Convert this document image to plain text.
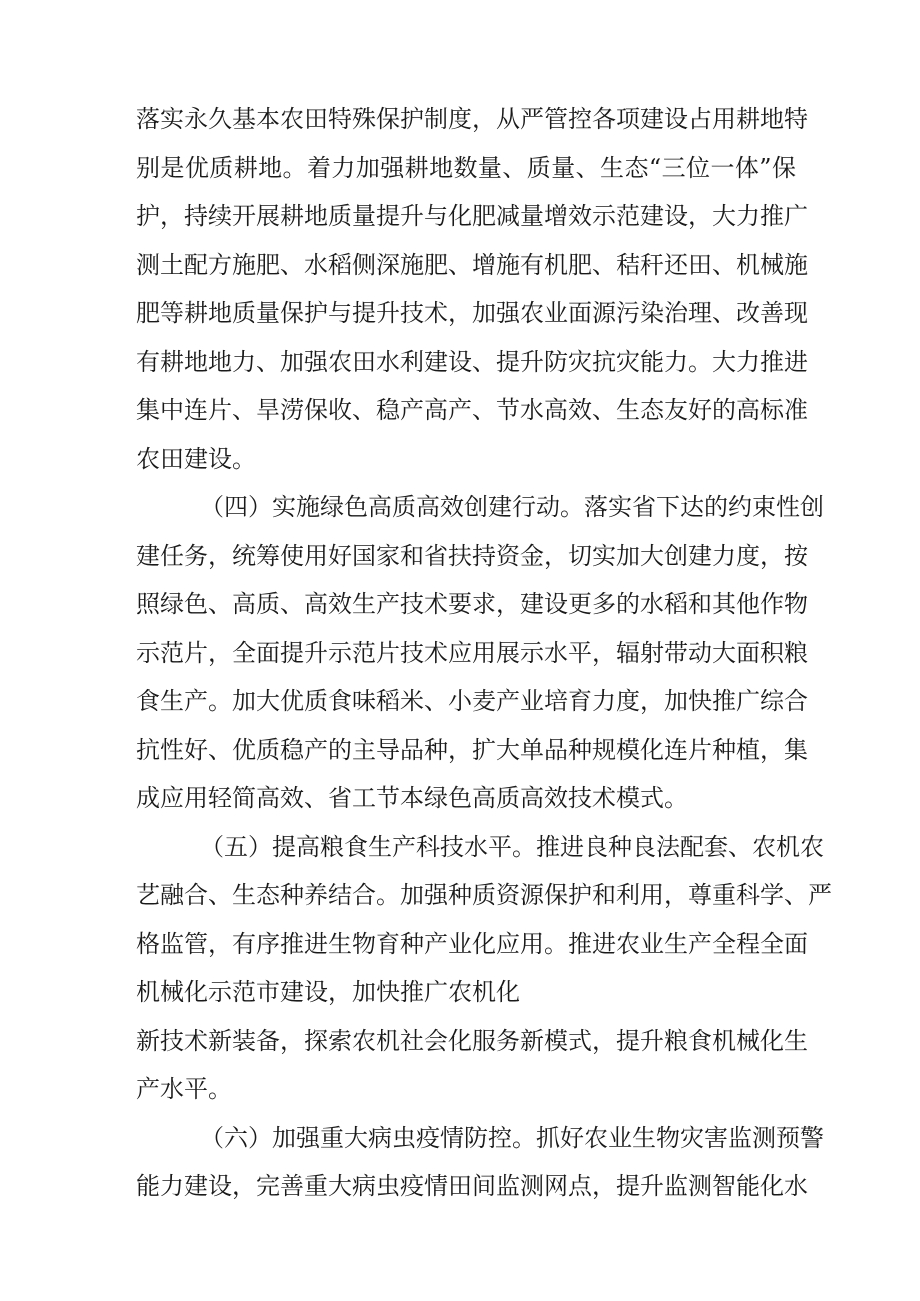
落实永久基本农田特殊保护制度，从严管控各项建设占用耕地特
别是优质耕地。着力加强耕地数量、质量、生态“三位一体”保
护，持续开展耕地质量提升与化肥减量增效示范建设，大力推广
测土配方施肥、水稻侧深施肥、增施有机肥、秸秆还田、机械施
肥等耕地质量保护与提升技术，加强农业面源污染治理、改善现
有耕地地力、加强农田水利建设、提升防灾抗灾能力。大力推进
集中连片、旱涝保收、稳产高产、节水高效、生态友好的高标准
农田建设。
（四）实施绿色高质高效创建行动。落实省下达的约束性创
建任务，统筹使用好国家和省扶持资金，切实加大创建力度，按
照绿色、高质、高效生产技术要求，建设更多的水稻和其他作物
示范片，全面提升示范片技术应用展示水平，辐射带动大面积粮
食生产。加大优质食味稻米、小麦产业培育力度，加快推广综合
抗性好、优质稳产的主导品种，扩大单品种规模化连片种植，集
成应用轻简高效、省工节本绿色高质高效技术模式。
（五）提高粮食生产科技水平。推进良种良法配套、农机农
艺融合、生态种养结合。加强种质资源保护和利用，尊重科学、严
格监管，有序推进生物育种产业化应用。推进农业生产全程全面
机械化示范市建设，加快推广农机化
新技术新装备，探索农机社会化服务新模式，提升粮食机械化生
产水平。
（六）加强重大病虫疫情防控。抓好农业生物灾害监测预警
能力建设，完善重大病虫疫情田间监测网点，提升监测智能化水
